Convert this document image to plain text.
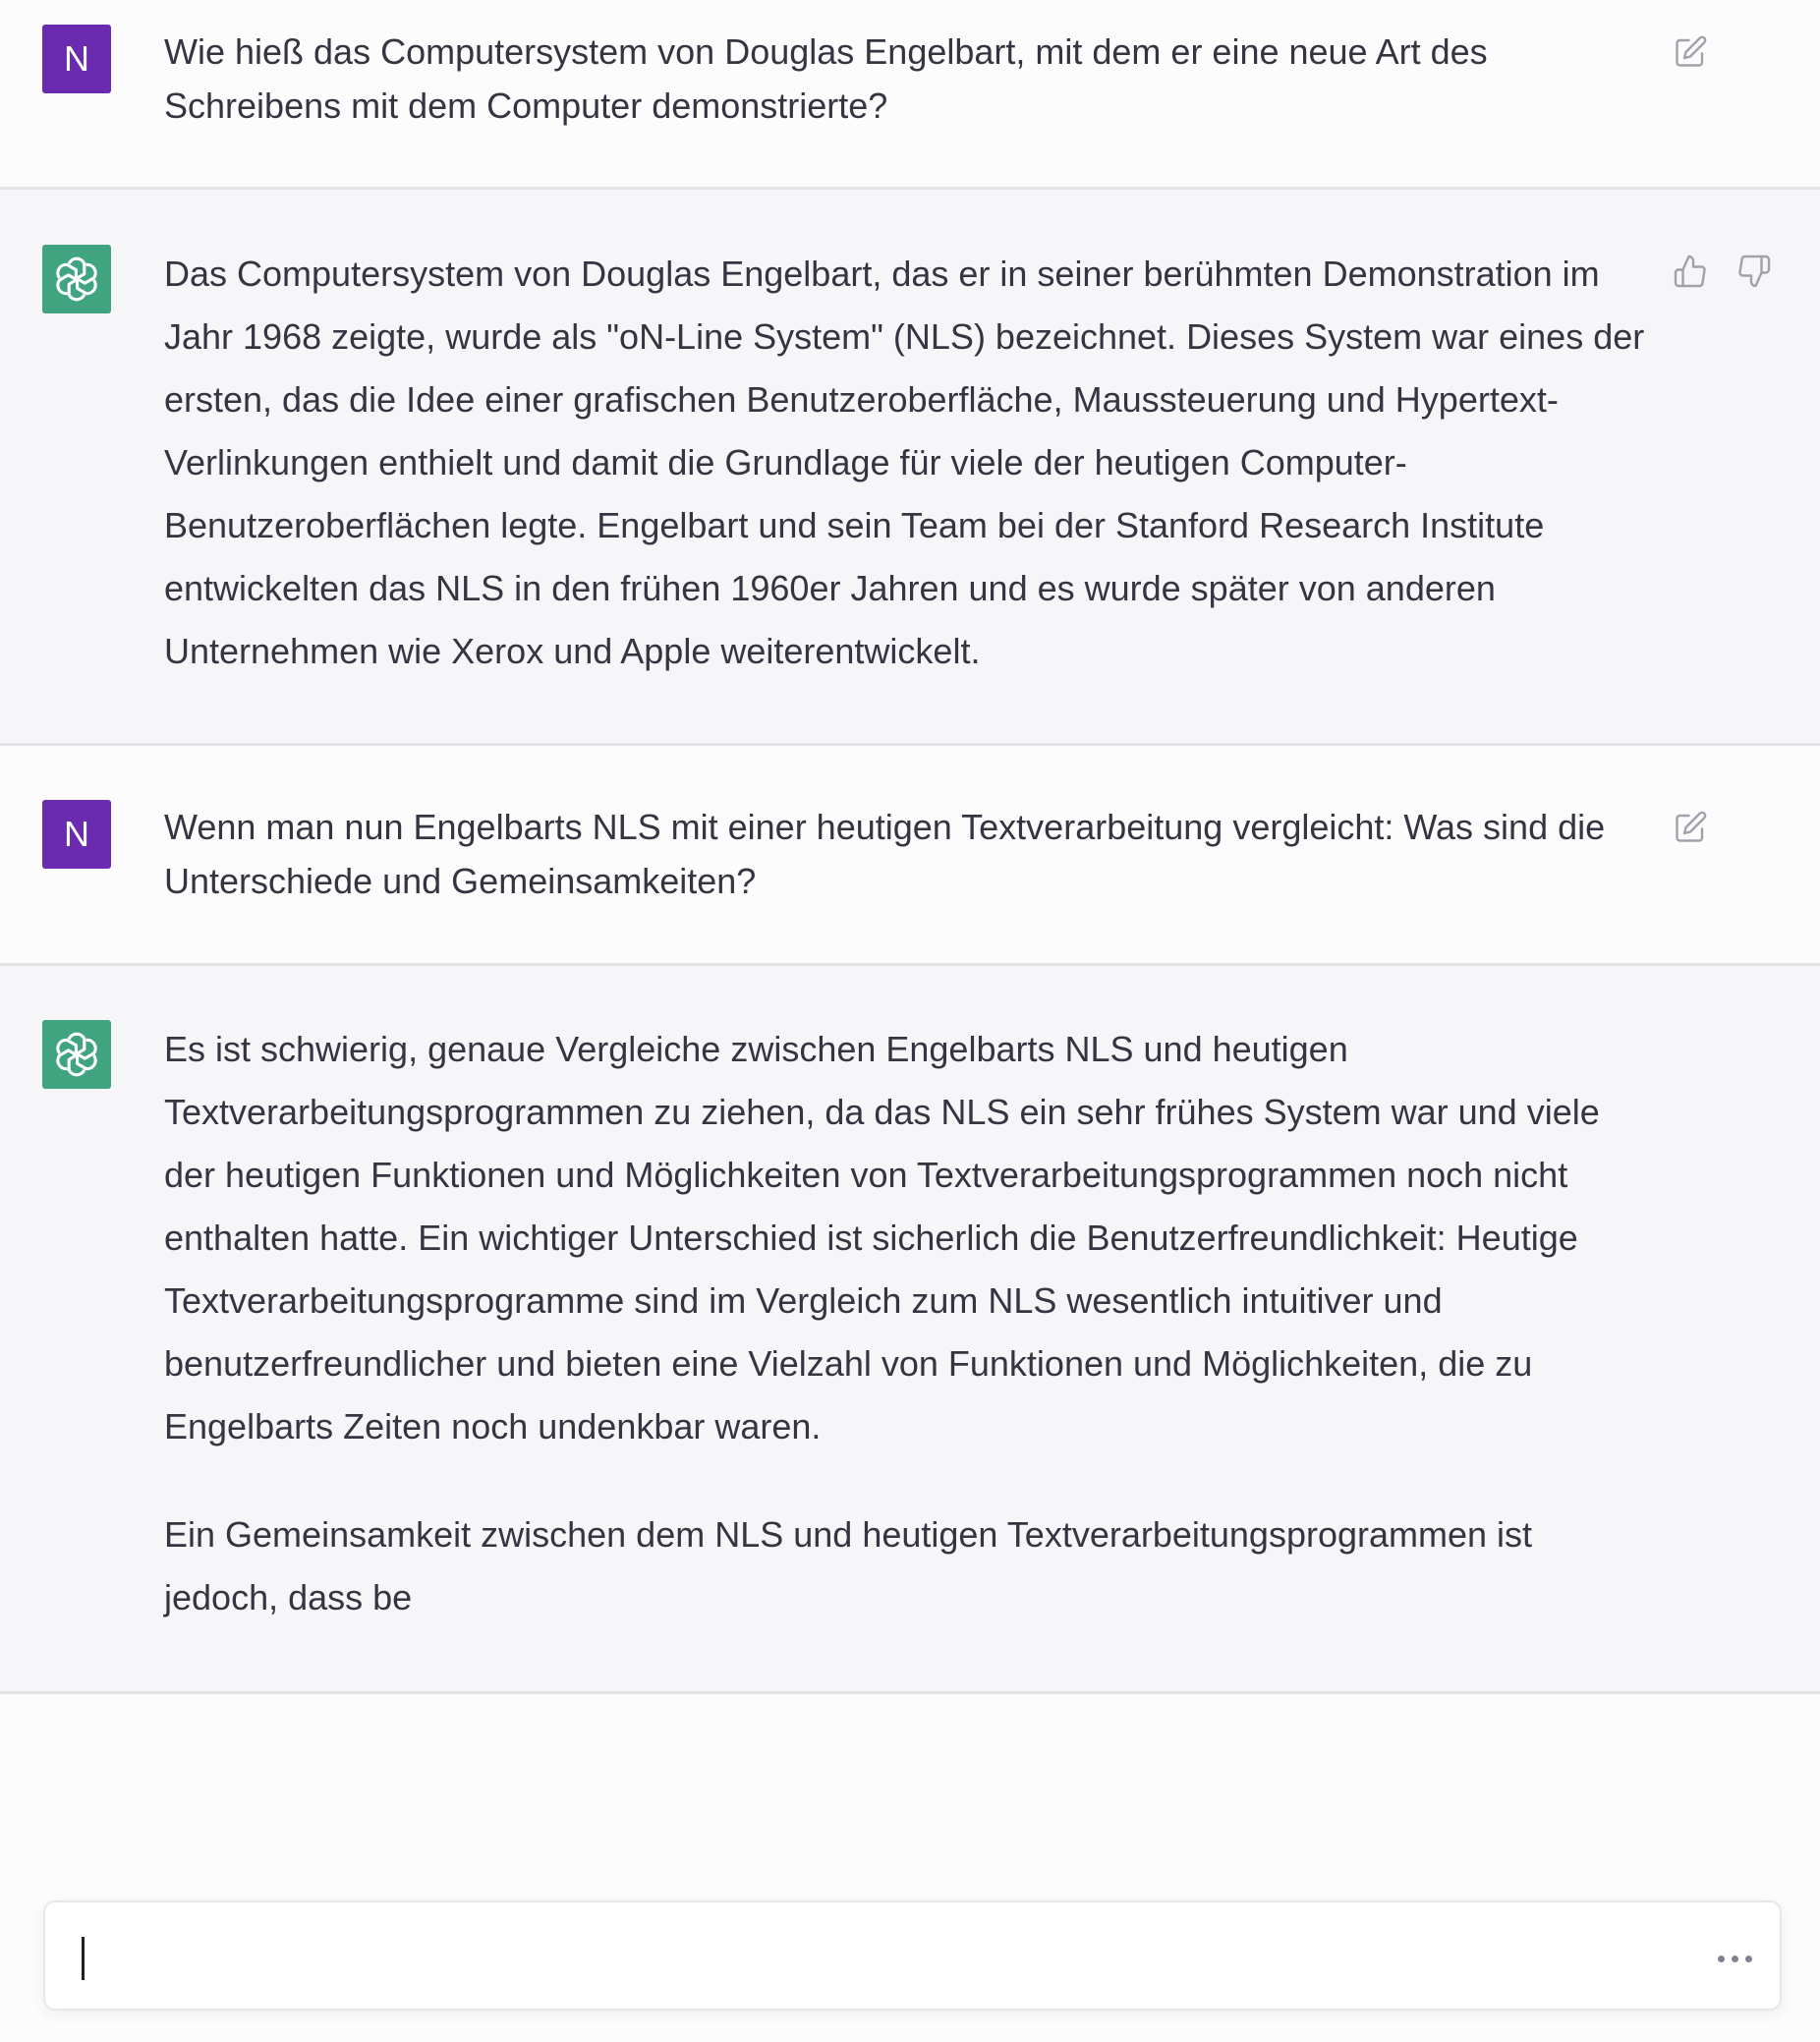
N Wie hieß das Computersystem von Douglas Engelbart, mit dem er eine neue Art des Schreibens mit dem Computer demonstrierte?

Das Computersystem von Douglas Engelbart, das er in seiner berühmten Demonstration im Jahr 1968 zeigte, wurde als "oN-Line System" (NLS) bezeichnet. Dieses System war eines der ersten, das die Idee einer grafischen Benutzeroberfläche, Maussteuerung und Hypertext-Verlinkungen enthielt und damit die Grundlage für viele der heutigen Computer-Benutzeroberflächen legte. Engelbart und sein Team bei der Stanford Research Institute entwickelten das NLS in den frühen 1960er Jahren und es wurde später von anderen Unternehmen wie Xerox und Apple weiterentwickelt.

N Wenn man nun Engelbarts NLS mit einer heutigen Textverarbeitung vergleicht: Was sind die Unterschiede und Gemeinsamkeiten?

Es ist schwierig, genaue Vergleiche zwischen Engelbarts NLS und heutigen Textverarbeitungsprogrammen zu ziehen, da das NLS ein sehr frühes System war und viele der heutigen Funktionen und Möglichkeiten von Textverarbeitungsprogrammen noch nicht enthalten hatte. Ein wichtiger Unterschied ist sicherlich die Benutzerfreundlichkeit: Heutige Textverarbeitungsprogramme sind im Vergleich zum NLS wesentlich intuitiver und benutzerfreundlicher und bieten eine Vielzahl von Funktionen und Möglichkeiten, die zu Engelbarts Zeiten noch undenkbar waren.

Ein Gemeinsamkeit zwischen dem NLS und heutigen Textverarbeitungsprogrammen ist jedoch, dass be
